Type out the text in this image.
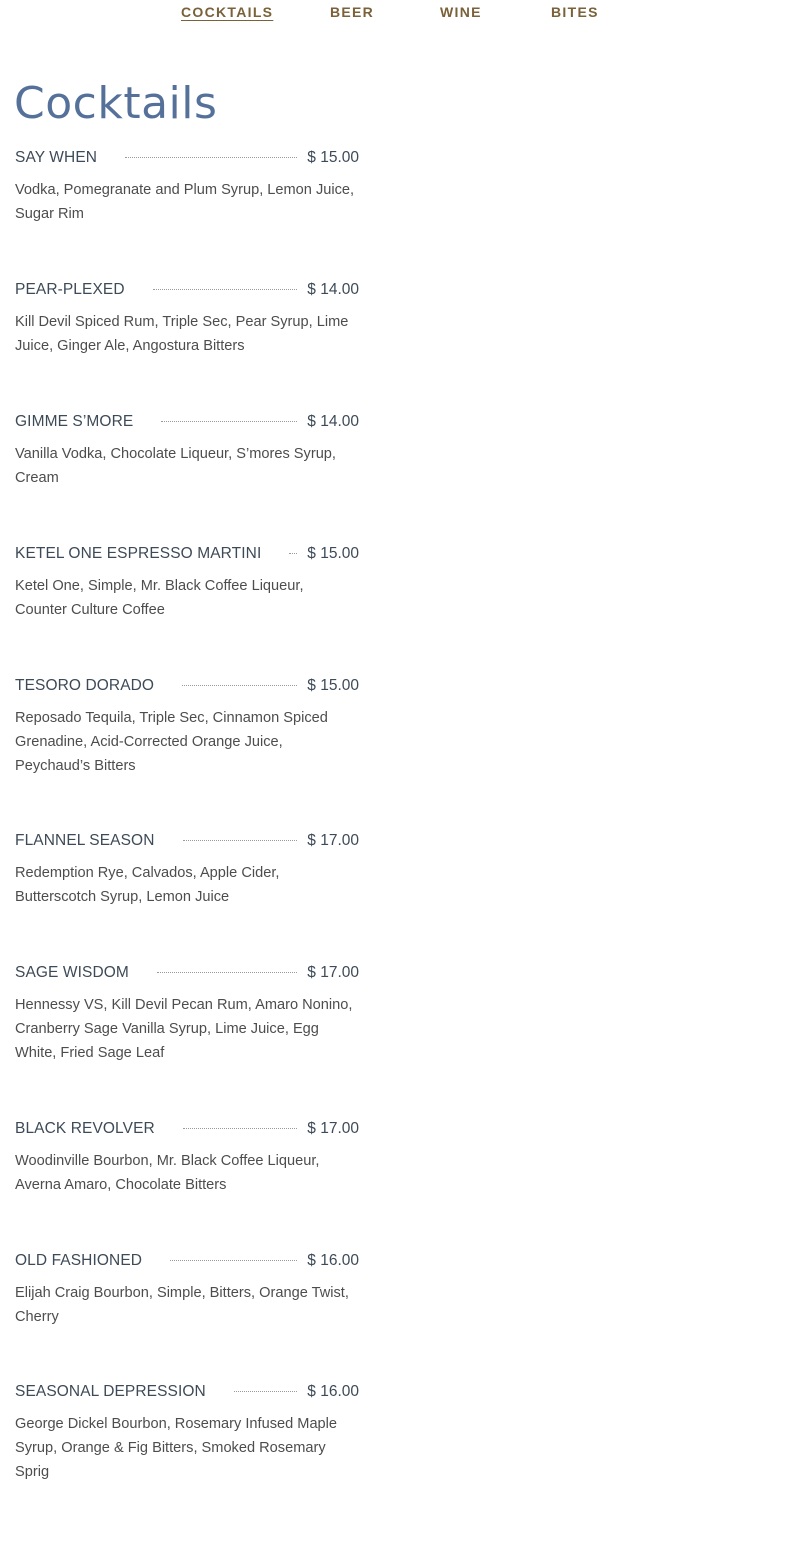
COCKTAILS	BEER	WINE	BITES
Cocktails
SAY WHEN	$ 15.00
Vodka, Pomegranate and Plum Syrup, Lemon Juice, Sugar Rim
PEAR-PLEXED	$ 14.00
Kill Devil Spiced Rum, Triple Sec, Pear Syrup, Lime Juice, Ginger Ale, Angostura Bitters
GIMME S’MORE	$ 14.00
Vanilla Vodka, Chocolate Liqueur, S’mores Syrup, Cream
KETEL ONE ESPRESSO MARTINI	$ 15.00
Ketel One, Simple, Mr. Black Coffee Liqueur, Counter Culture Coffee
TESORO DORADO	$ 15.00
Reposado Tequila, Triple Sec, Cinnamon Spiced Grenadine, Acid-Corrected Orange Juice, Peychaud’s Bitters
FLANNEL SEASON	$ 17.00
Redemption Rye, Calvados, Apple Cider, Butterscotch Syrup, Lemon Juice
SAGE WISDOM	$ 17.00
Hennessy VS, Kill Devil Pecan Rum, Amaro Nonino, Cranberry Sage Vanilla Syrup, Lime Juice, Egg White, Fried Sage Leaf
BLACK REVOLVER	$ 17.00
Woodinville Bourbon, Mr. Black Coffee Liqueur, Averna Amaro, Chocolate Bitters
OLD FASHIONED	$ 16.00
Elijah Craig Bourbon, Simple, Bitters, Orange Twist, Cherry
SEASONAL DEPRESSION	$ 16.00
George Dickel Bourbon, Rosemary Infused Maple Syrup, Orange & Fig Bitters, Smoked Rosemary Sprig
